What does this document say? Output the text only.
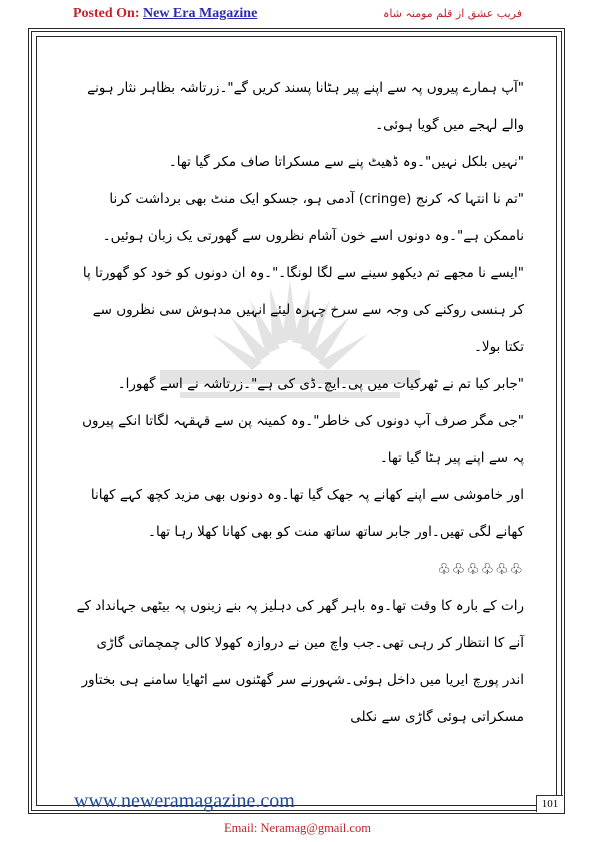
Posted On: New Era Magazine	فریب عشق از قلم مومنہ شاہ

"آپ ہمارے پیروں پہ سے اپنے پیر ہٹانا پسند کریں گے"۔زرتاشہ بظاہر نثار ہونے والے لہجے میں گویا ہوئی۔

"نہیں بلکل نہیں"۔وہ ڈھیٹ پنے سے مسکراتا صاف مکر گیا تھا۔

"تم نا انتہا کہ کرنج (cringe) آدمی ہو، جسکو ایک منٹ بھی برداشت کرنا ناممکن ہے"۔وہ دونوں اسے خون آشام نظروں سے گھورتی یک زبان ہوئیں۔

"ایسے نا مجھے تم دیکھو سینے سے لگا لونگا۔"۔وہ ان دونوں کو خود کو گھورتا پا کر ہنسی روکنے کی وجہ سے سرخ چہرہ لیئے انہیں مدہوش سی نظروں سے تکتا بولا۔

"جابر کیا تم نے ٹھرکیات میں پی۔ایچ۔ڈی کی ہے"۔زرتاشہ نے اسے گھورا۔

"جی مگر صرف آپ دونوں کی خاطر"۔وہ کمینہ پن سے قہقہہ لگاتا انکے پیروں پہ سے اپنے پیر ہٹا گیا تھا۔

اور خاموشی سے اپنے کھانے پہ جھک گیا تھا۔وہ دونوں بھی مزید کچھ کہے کھانا کھانے لگی تھیں۔اور جابر ساتھ ساتھ منت کو بھی کھانا کھلا رہا تھا۔

♧♧♧♧♧♧

رات کے بارہ کا وقت تھا۔وہ باہر گھر کی دہلیز پہ بنے زینوں پہ بیٹھی جہانداد کے آنے کا انتظار کر رہی تھی۔جب واچ مین نے دروازہ کھولا کالی چمچماتی گاڑی اندر پورچ ایریا میں داخل ہوئی۔شہورنے سر گھٹنوں سے اٹھایا سامنے ہی بختاور مسکراتی ہوئی گاڑی سے نکلی

www.neweramagazine.com	101
Email: Neramag@gmail.com
